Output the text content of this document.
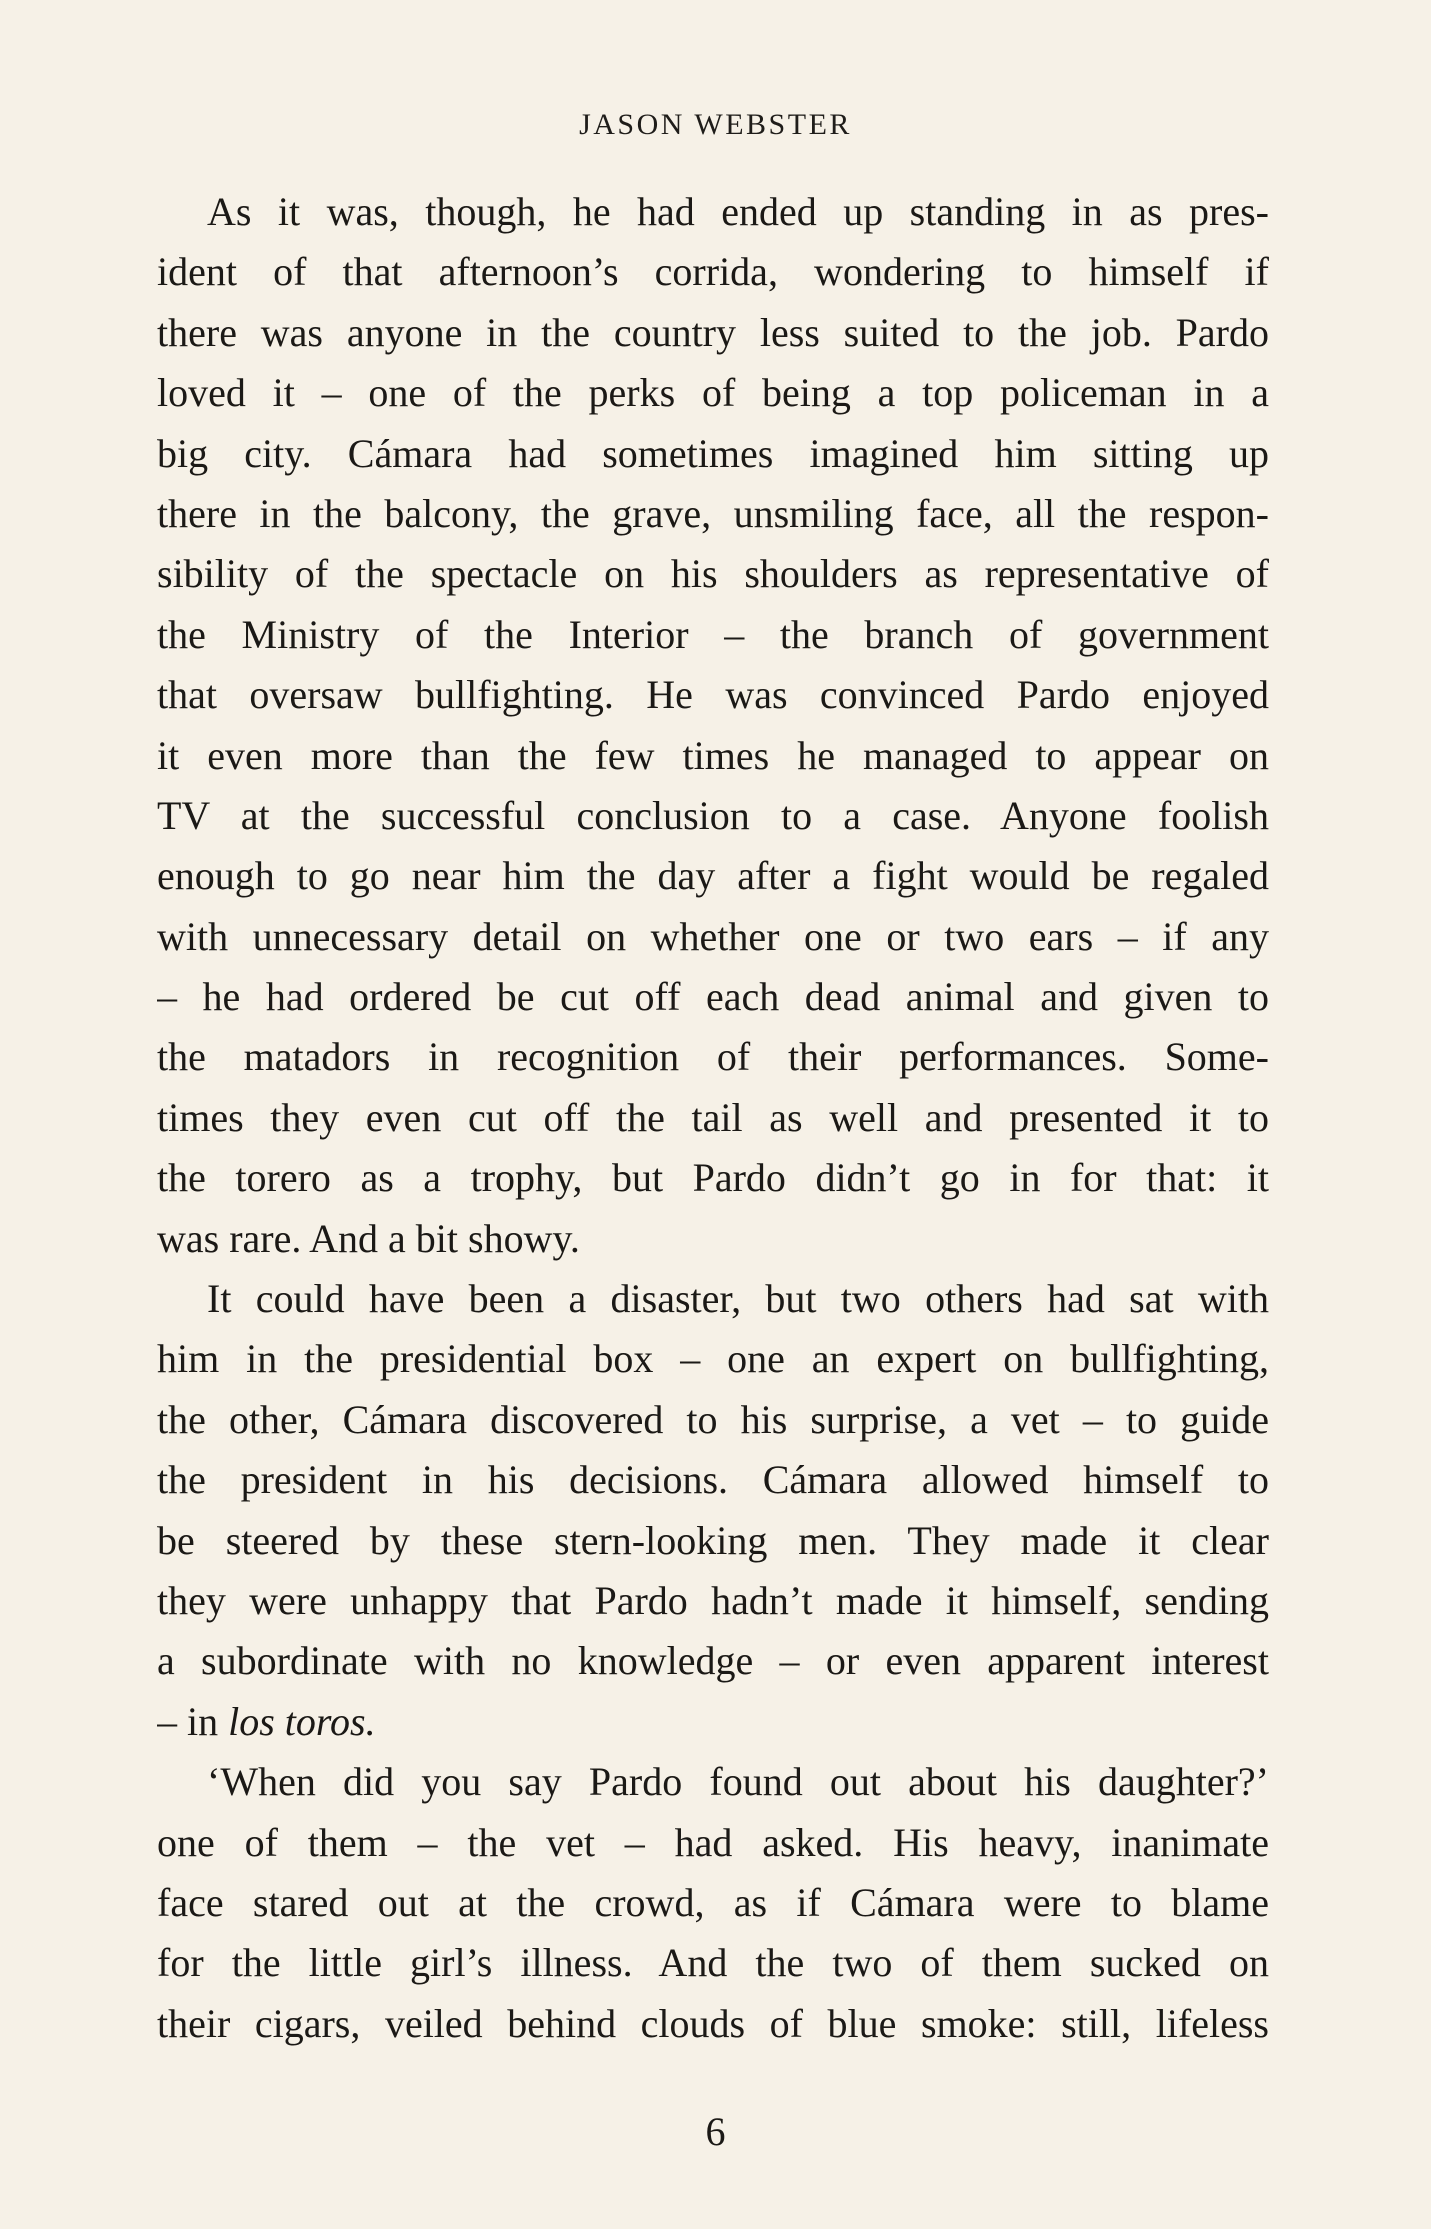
JASON WEBSTER
As it was, though, he had ended up standing in as pres-
ident of that afternoon’s corrida, wondering to himself if
there was anyone in the country less suited to the job. Pardo
loved it – one of the perks of being a top policeman in a
big city. Cámara had sometimes imagined him sitting up
there in the balcony, the grave, unsmiling face, all the respon-
sibility of the spectacle on his shoulders as representative of
the Ministry of the Interior – the branch of government
that oversaw bullfighting. He was convinced Pardo enjoyed
it even more than the few times he managed to appear on
TV at the successful conclusion to a case. Anyone foolish
enough to go near him the day after a fight would be regaled
with unnecessary detail on whether one or two ears – if any
– he had ordered be cut off each dead animal and given to
the matadors in recognition of their performances. Some-
times they even cut off the tail as well and presented it to
the torero as a trophy, but Pardo didn’t go in for that: it
was rare. And a bit showy.
It could have been a disaster, but two others had sat with
him in the presidential box – one an expert on bullfighting,
the other, Cámara discovered to his surprise, a vet – to guide
the president in his decisions. Cámara allowed himself to
be steered by these stern-looking men. They made it clear
they were unhappy that Pardo hadn’t made it himself, sending
a subordinate with no knowledge – or even apparent interest
– in los toros.
‘When did you say Pardo found out about his daughter?’
one of them – the vet – had asked. His heavy, inanimate
face stared out at the crowd, as if Cámara were to blame
for the little girl’s illness. And the two of them sucked on
their cigars, veiled behind clouds of blue smoke: still, lifeless
6
